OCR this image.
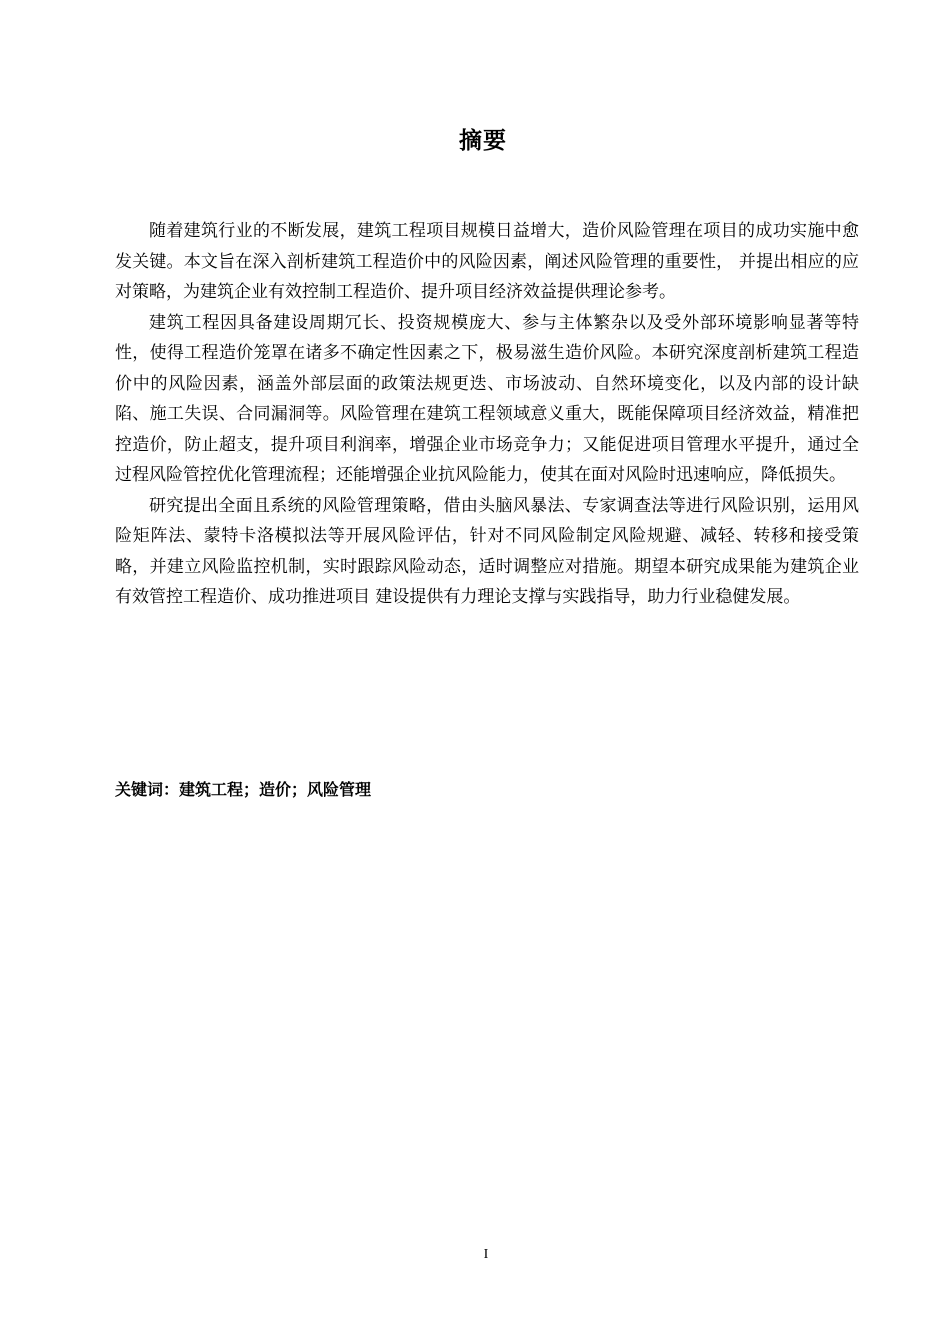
摘要

随着建筑行业的不断发展，建筑工程项目规模日益增大，造价风险管理在项目的成功实施中愈发关键。本文旨在深入剖析建筑工程造价中的风险因素，阐述风险管理的重要性， 并提出相应的应对策略，为建筑企业有效控制工程造价、提升项目经济效益提供理论参考。

建筑工程因具备建设周期冗长、投资规模庞大、参与主体繁杂以及受外部环境影响显著等特性，使得工程造价笼罩在诸多不确定性因素之下，极易滋生造价风险。本研究深度剖析建筑工程造价中的风险因素，涵盖外部层面的政策法规更迭、市场波动、自然环境变化，以及内部的设计缺陷、施工失误、合同漏洞等。风险管理在建筑工程领域意义重大，既能保障项目经济效益，精准把控造价，防止超支，提升项目利润率，增强企业市场竞争力；又能促进项目管理水平提升，通过全过程风险管控优化管理流程；还能增强企业抗风险能力，使其在面对风险时迅速响应，降低损失。

研究提出全面且系统的风险管理策略，借由头脑风暴法、专家调查法等进行风险识别，运用风险矩阵法、蒙特卡洛模拟法等开展风险评估，针对不同风险制定风险规避、减轻、转移和接受策略，并建立风险监控机制，实时跟踪风险动态，适时调整应对措施。期望本研究成果能为建筑企业有效管控工程造价、成功推进项目 建设提供有力理论支撑与实践指导，助力行业稳健发展。

关键词：建筑工程；造价；风险管理
I
